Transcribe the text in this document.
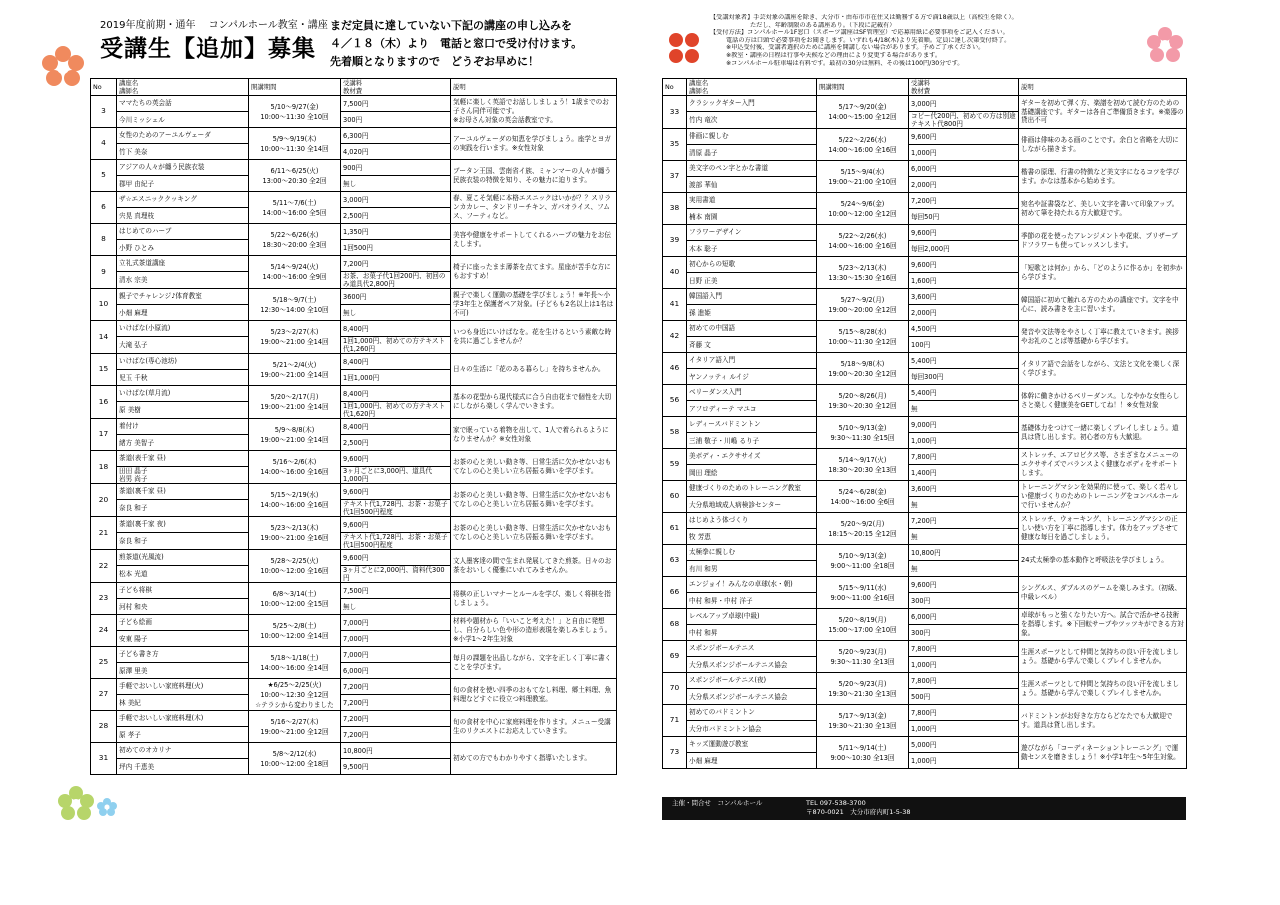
2019年度前期・通年　 コンパルホール教室・講座
受講生【追加】募集
まだ定員に達していない下記の講座の申し込みを
４／１８（木）より　電話と窓口で受け付けます。
先着順となりますので　どうぞお早めに！
【受講対象者】手芸対象の講座を除き、大分市・由布市市在住又は勤務する方で満18歳以上（高校生を除く）。
ただし、年齢制限のある講座あり。（下段に記載有）
【受付方法】コンパルホール1F窓口（スポーツ講座はSF管理室）で応募用紙に必要事項をご記入ください。
電話の方は口頭で必要事項をお聞きします。いずれも4/18(木)より先着順。定員に達し次第受付終了。
※申込受付後、受講者選択のために講座を開講しない場合があります。予めご了承ください。
※教室・講座の日程は行事や天候などの理由により変更する場合があります。
※コンパルホール駐車場は有料です。最初の30分は無料、その後は100円/30分です。
No	講座名
講師名	開講期間	受講料
教材費	説明
3	ママたちの英会話	5/10～9/27(金)
10:00～11:30 全10回	7,500円	気軽に楽しく英語でお話ししましょう！1歳までのお子さん同伴可能です。
※お母さん対象の英会話教室です。
	今川ミッシェル		300円	
4	女性のためのアーユルヴェーダ	5/9～9/19(木)
10:00～11:30 全14回	6,300円	アーユルヴェーダの知恵を学びましょう。座学とヨガの実践を行います。※女性対象
	竹下 美奈		4,020円	
5	アジアの人々が纏う民族衣装	6/11～6/25(火)
13:00～20:30 全2回	900円	ブータン王国、雲南省イ族、ミャンマーの人々が纏う民族衣装の特徴を知り、その魅力に迫ります。
	郡甲 由紀子		無し	
6	ザ☆エスニッククッキング	5/11～7/6(土)
14:00～16:00 全5回	3,000円	春、夏こそ気軽に本格エスニックはいかが？？スリランカカレー、タンドリーチキン、ガパオライス、フムス、フーティなど。
	宍晃 真理枝		2,500円	
8	はじめてのハーブ	5/22～6/26(水)
18:30～20:00 全3回	1,350円	美容や健康をサポートしてくれるハーブの魅力をお伝えします。
	小野 ひとみ		1回500円	
9	立礼式茶道講座	5/14～9/24(火)
14:00～16:00 全9回	7,200円	椅子に座ったまま薄茶を点てます。星座が苦手な方にもおすすめ！
	清水 宗美		お茶、お菓子代1回200円、初回のみ道具代2,800円	
10	親子でチャレンジ♪体育教室	5/18～9/7(土)
12:30～14:00 全10回	3600円	親子で楽しく運動の基礎を学びましょう！※年長～小学3年生と保護者ペア対象。(子どもも2名以上は1名は不可)
	小畑 麻理		無し	
14	いけばな(小原流)	5/23～2/27(木)
19:00～21:00 全14回	8,400円	いつも身近にいけばなを。花を生けるという素敵な時を共に過ごしませんか？
	大滝 弘子		1回1,000円、初めての方テキスト代1,260円	
15	いけばな(専心池坊)	5/21～2/4(火)
19:00～21:00 全14回	8,400円	日々の生活に「花のある暮らし」を持ちませんか。
	児玉 千秋		1回1,000円	
16	いけばな(草月流)	5/20～2/17(月)
19:00～21:00 全14回	8,400円	基本の花型から現代様式に合う自由花まで個性を大切にしながら楽しく学んでいきます。
	原 美樹		1回1,000円、初めての方テキスト代1,620円	
17	着付け	5/9～8/8(木)
19:00～21:00 全14回	8,400円	家で眠っている着物を出して、1人で着られるようになりませんか？※女性対象
	緒方 美智子		2,500円	
18	茶道(表千家 昼)	5/16～2/6(木)
14:00～16:00 全16回	9,600円	お茶の心と美しい動き等、日常生活に欠かせないおもてなしの心と美しい立ち居振る舞いを学びます。
	田田 晶子
岩男 尚子		3ヶ月ごとに3,000円、道具代1,000円	
20	茶道(裏千家 昼)	5/15～2/19(水)
14:00～16:00 全16回	9,600円	お茶の心と美しい動き等、日常生活に欠かせないおもてなしの心と美しい立ち居振る舞いを学びます。
	奈良 和子		テキスト代1,728円、お茶・お菓子代1回500円程度	
21	茶道(裏千家 夜)	5/23～2/13(木)
19:00～21:00 全16回	9,600円	お茶の心と美しい動き等、日常生活に欠かせないおもてなしの心と美しい立ち居振る舞いを学びます。
	奈良 和子		テキスト代1,728円、お茶・お菓子代1回500円程度	
22	煎茶道(光風流)	5/28～2/25(火)
10:00～12:00 全16回	9,600円	文人墨客達の間で生まれ発展してきた煎茶。日々のお茶をおいしく優雅にいれてみませんか。
	松本 光道		3ヶ月ごとに2,000円、資料代300円	
23	子ども将棋	6/8～3/14(土)
10:00～12:00 全15回	7,500円	将棋の正しいマナーとルールを学び、楽しく将棋を指しましょう。
	河村 和央		無し	
24	子ども絵画	5/25～2/8(土)
10:00～12:00 全14回	7,000円	材料や題材から「いいこと考えた！」と自由に発想し、自分らしい色や形の造形表現を楽しみましょう。※小学1～2年生対象
	安東 陽子		7,000円	
25	子ども書き方	5/18～1/18(土)
14:00～16:00 全14回	7,000円	毎月の課題を出品しながら、文字を正しく丁寧に書くことを学びます。
	原澤 里美		6,000円	
27	手軽でおいしい家庭料理(火)	★6/25～2/25(火)
10:00～12:30 全12回
☆テラシから変わりました	7,200円	旬の食材を使い四季のおもてなし料理、郷土料理、魚料理などすぐに役立つ料理教室。
	林 美紀		7,200円	
28	手軽でおいしい家庭料理(木)	5/16～2/27(木)
19:00～21:00 全12回	7,200円	旬の食材を中心に家庭料理を作ります。メニュー受講生のリクエストにお応えしていきます。
	原 孝子		7,200円	
31	初めてのオカリナ	5/8～2/12(水)
10:00～12:00 全18回	10,800円	初めての方でもわかりやすく指導いたします。
	坪内 千恵美		9,500円	
No	講座名
講師名	開講期間	受講料
教材費	説明
33	クラシックギター入門	5/17～9/20(金)
14:00～15:00 全12回	3,000円	ギターを初めて弾く方、楽譜を初めて読む方のための基礎講座です。ギターは各自ご準備頂きます。※楽器の貸出不可
	竹内 竜次		コピー代200円、初めての方は別途テキスト代800円	
35	俳画に親しむ	5/22～2/26(水)
14:00～16:00 全16回	9,600円	俳画は俳味のある画のことです。余白と省略を大切にしながら描きます。
	清原 晶子		1,000円	
37	美文字のペン字とかな書道	5/15～9/4(水)
19:00～21:00 全10回	6,000円	楷書の原理、行書の特徴など美文字になるコツを学びます。かなは基本から始めます。
	渡部 華仙		2,000円	
38	実用書道	5/24～9/6(金)
10:00～12:00 全12回	7,200円	宛名や証書袋など、美しい文字を書いて印象アップ。初めて筆を持たれる方大歓迎です。
	楠本 南園		毎回50円	
39	フラワーデザイン	5/22～2/26(水)
14:00～16:00 全16回	9,600円	季節の花を使ったアレンジメントや花束、プリザーブドフラワーも使ってレッスンします。
	木本 聡子		毎回2,000円	
40	初心からの短歌	5/23～2/13(木)
13:30～15:30 全16回	9,600円	「短歌とは何か」から、「どのように作るか」を初歩から学びます。
	日野 正美		1,600円	
41	韓国語入門	5/27～9/2(月)
19:00～20:00 全12回	3,600円	韓国語に初めて触れる方のための講座です。文字を中心に、読み書きを主に習います。
	孫 進姫		2,000円	
42	初めての中国語	5/15～8/28(水)
10:00～11:30 全12回	4,500円	発音や文法等をやさしく丁寧に教えていきます。挨拶やお礼のことば等基礎から学びます。
	斉藤 文		100円	
46	イタリア語入門	5/18～9/8(木)
19:00～20:30 全12回	5,400円	イタリア語で会話をしながら、文法と文化を楽しく深く学びます。
	ヤンノッティ ルイジ		毎回300円	
56	ベリーダンス入門	5/20～8/26(月)
19:30～20:30 全12回	5,400円	体幹に働きかけるベリーダンス。しなやかな女性らしさと楽しく健康美をGETしてね！！※女性対象
	アフロディーテ マユコ		無	
58	レディースバドミントン	5/10～9/13(金)
9:30～11:30 全15回	9,000円	基礎体力をつけて一緒に楽しくプレイしましょう。道具は貸し出します。初心者の方も大歓迎。
	三浦 敬子・川嶋 るり子		1,000円	
59	美ボディ・エクササイズ	5/14～9/17(火)
18:30～20:30 全13回	7,800円	ストレッチ、エアロビクス等、さまざまなメニューのエクササイズでバランスよく健康なボディをサポートします。
	岡田 理絵		1,400円	
60	健康づくりのためのトレーニング教室	5/24～6/28(金)
14:00～16:00 全6回	3,600円	トレーニングマシンを効果的に使って、楽しく若々しい健康づくりのためのトレーニングをコンパルホールで行いませんか？
	大分県地域成人病検診センター		無	
61	はじめよう体づくり	5/20～9/2(月)
18:15～20:15 全12回	7,200円	ストレッチ、ウォーキング、トレーニングマシンの正しい使い方を丁寧に指導します。体力をアップさせて健康な毎日を過ごしましょう。
	牧 芳恵		無	
63	太極拳に親しむ	5/10～9/13(金)
9:00～11:00 全18回	10,800円	24式太極拳の基本動作と呼吸法を学びましょう。
	有川 和男		無	
66	エンジョイ！みんなの卓球(水・朝)	5/15～9/11(水)
9:00～11:00 全16回	9,600円	シングルス、ダブルスのゲームを楽しみます。（初級、中級レベル）
	中村 和昇・中村 洋子		300円	
68	レベルアップ卓球(中級)	5/20～8/19(月)
15:00～17:00 全10回	6,000円	卓球がもっと強くなりたい方へ。試合で活かせる技術を指導します。※下回転サーブやツッツキができる方対象。
	中村 和昇		300円	
69	スポンジボールテニス	5/20～9/23(月)
9:30～11:30 全13回	7,800円	生涯スポーツとして仲間と気持ちの良い汗を流しましょう。基礎から学んで楽しくプレイしませんか。
	大分県スポンジボールテニス協会		1,000円	
70	スポンジボールテニス(夜)	5/20～9/23(月)
19:30～21:30 全13回	7,800円	生涯スポーツとして仲間と気持ちの良い汗を流しましょう。基礎から学んで楽しくプレイしませんか。
	大分県スポンジボールテニス協会		500円	
71	初めてのバドミントン	5/17～9/13(金)
19:30～21:30 全13回	7,800円	バドミントンがお好きな方ならどなたでも大歓迎です。道具は貸し出します。
	大分市バドミントン協会		1,000円	
73	キッズ運動遊び教室	5/11～9/14(土)
9:00～10:30 全13回	5,000円	遊びながら「コーディネーショントレーニング」で運動センスを磨きましょう！※小学1年生～5年生対象。
	小畑 麻理		1,000円	
主催・問合せ　コンパルホール	TEL 097-538-3700
〒870-0021　大分市府内町1-5-38
